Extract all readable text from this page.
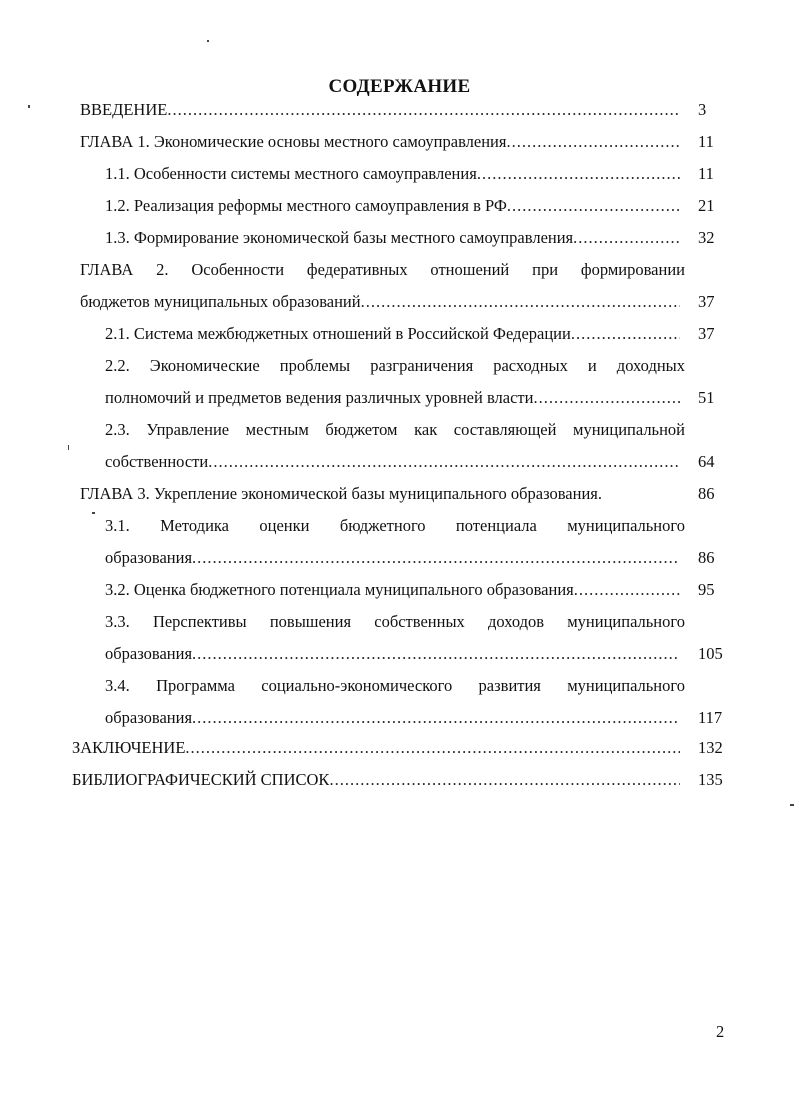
СОДЕРЖАНИЕ
ВВЕДЕНИЕ .....	3
ГЛАВА 1. Экономические основы местного самоуправления .....	11
1.1. Особенности системы местного самоуправления .....	11
1.2. Реализация реформы местного самоуправления в РФ .....	21
1.3. Формирование экономической базы местного самоуправления .....	32
ГЛАВА 2. Особенности федеративных отношений при формировании
бюджетов муниципальных образований .....	37
2.1. Система межбюджетных отношений в Российской Федерации .....	37
2.2. Экономические проблемы разграничения расходных и доходных
полномочий и предметов ведения различных уровней власти .....	51
2.3. Управление местным бюджетом как составляющей муниципальной
собственности .....	64
ГЛАВА 3. Укрепление экономической базы муниципального образования.	86
3.1. Методика оценки бюджетного потенциала муниципального
образования .....	86
3.2. Оценка бюджетного потенциала муниципального образования .....	95
3.3. Перспективы повышения собственных доходов муниципального
образования .....	105
3.4. Программа социально-экономического развития муниципального
образования .....	117
ЗАКЛЮЧЕНИЕ .....	132
БИБЛИОГРАФИЧЕСКИЙ СПИСОК .....	135
2
